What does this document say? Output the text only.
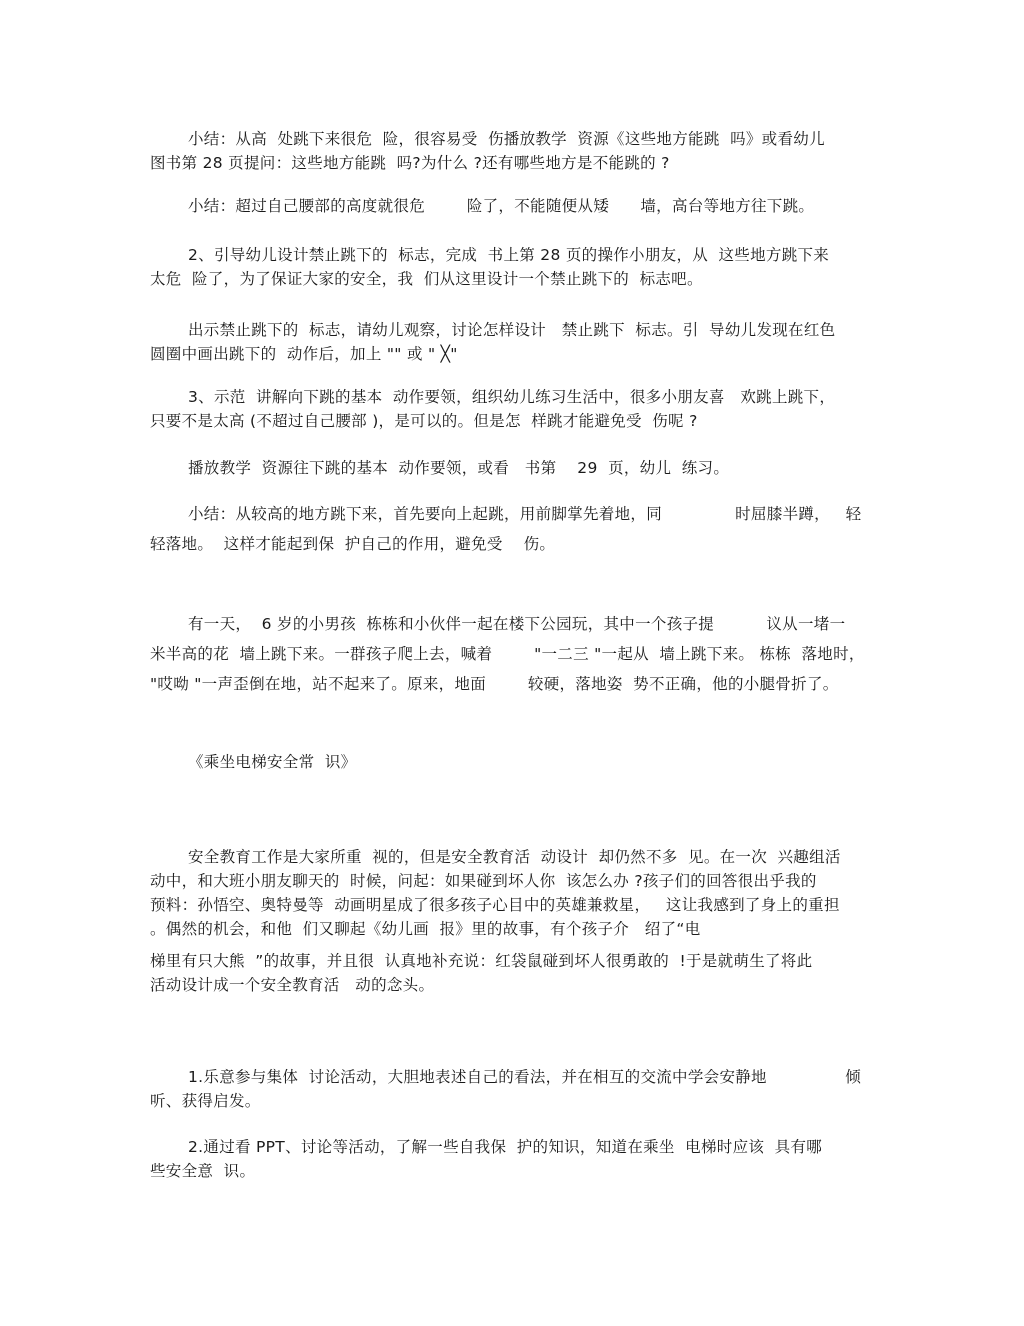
小结：从高  处跳下来很危  险，很容易受  伤播放教学  资源《这些地方能跳  吗》或看幼儿
图书第 28 页提问：这些地方能跳  吗?为什么 ?还有哪些地方是不能跳的 ?
小结：超过自己腰部的高度就很危        险了，不能随便从矮      墙，高台等地方往下跳。
2、引导幼儿设计禁止跳下的  标志，完成  书上第 28 页的操作小朋友，从  这些地方跳下来
太危  险了，为了保证大家的安全，我  们从这里设计一个禁止跳下的  标志吧。
出示禁止跳下的  标志，请幼儿观察，讨论怎样设计   禁止跳下  标志。引  导幼儿发现在红色
圆圈中画出跳下的  动作后，加上 "" 或 " ╳"
3、示范  讲解向下跳的基本  动作要领，组织幼儿练习生活中，很多小朋友喜   欢跳上跳下，
只要不是太高 (不超过自己腰部 )，是可以的。但是怎  样跳才能避免受  伤呢 ?
播放教学  资源往下跳的基本  动作要领，或看   书第    29  页，幼儿  练习。
小结：从较高的地方跳下来，首先要向上起跳，用前脚掌先着地，同              时屈膝半蹲，   轻
轻落地。  这样才能起到保  护自己的作用，避免受    伤。
有一天，  6 岁的小男孩  栋栋和小伙伴一起在楼下公园玩，其中一个孩子提          议从一堵一
米半高的花  墙上跳下来。一群孩子爬上去，喊着        "一二三 "一起从  墙上跳下来。 栋栋  落地时，
"哎呦 "一声歪倒在地，站不起来了。原来，地面        较硬，落地姿  势不正确，他的小腿骨折了。
《乘坐电梯安全常  识》
安全教育工作是大家所重  视的，但是安全教育活  动设计  却仍然不多  见。在一次  兴趣组活
动中，和大班小朋友聊天的  时候，问起：如果碰到坏人你  该怎么办 ?孩子们的回答很出乎我的
预料：孙悟空、奥特曼等  动画明星成了很多孩子心目中的英雄兼救星，   这让我感到了身上的重担
。偶然的机会，和他  们又聊起《幼儿画  报》里的故事，有个孩子介   绍了“电
梯里有只大熊  ”的故事，并且很  认真地补充说：红袋鼠碰到坏人很勇敢的  !于是就萌生了将此
活动设计成一个安全教育活   动的念头。
1.乐意参与集体  讨论活动，大胆地表述自己的看法，并在相互的交流中学会安静地               倾
听、获得启发。
2.通过看 PPT、讨论等活动，了解一些自我保  护的知识，知道在乘坐  电梯时应该  具有哪
些安全意  识。
